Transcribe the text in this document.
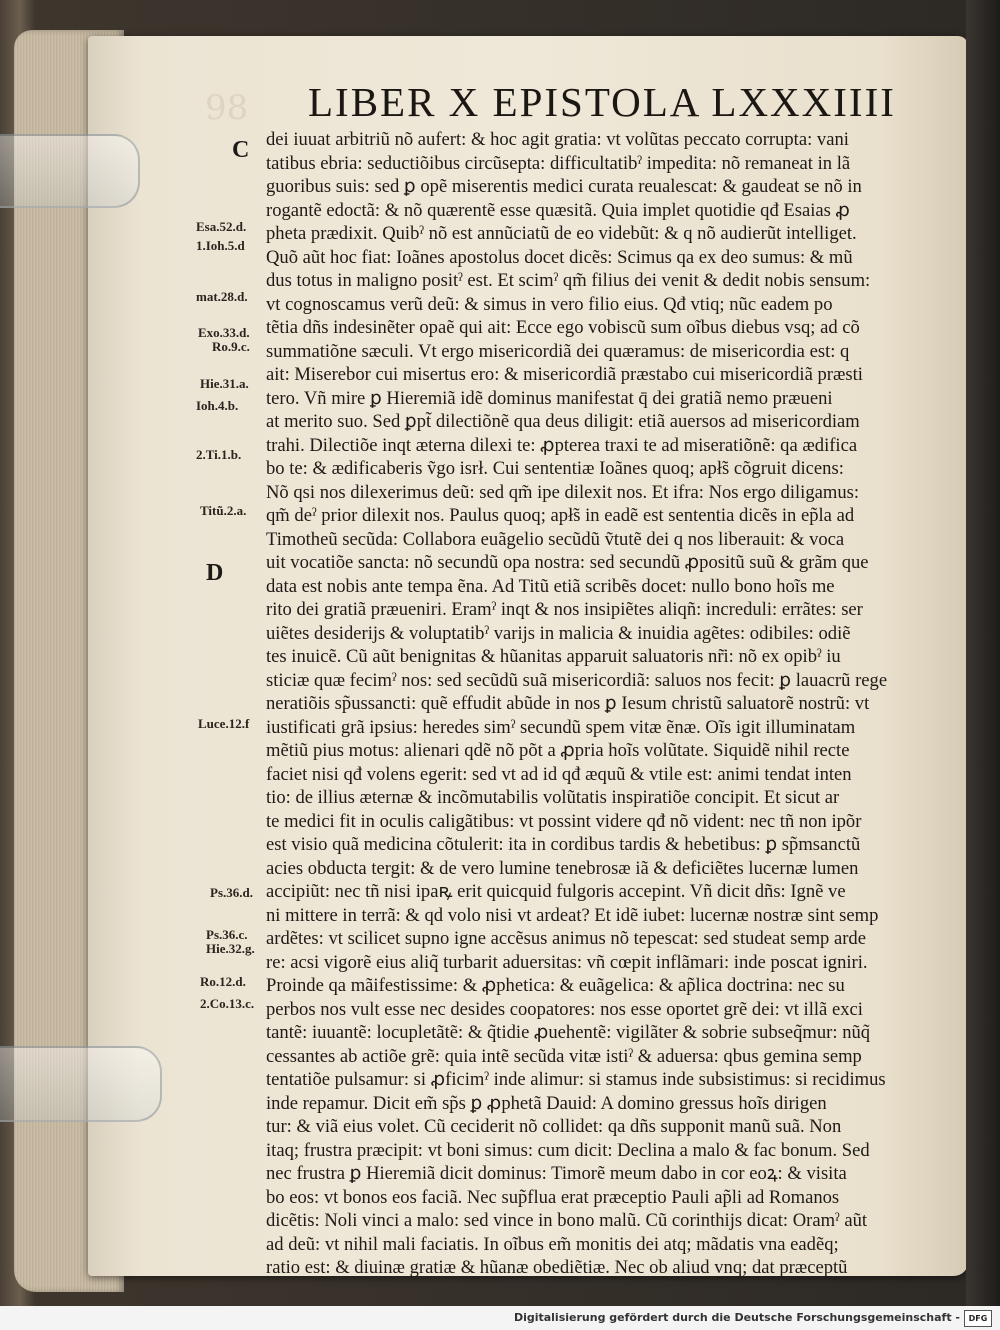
98 LIBER X EPISTOLA LXXXIIII
C
D
dei iuuat arbitriũ nõ aufert: & hoc agit gratia: vt volũtas peccato corrupta: vani
tatibus ebria: seductiõibus circũsepta: difficultatibˀ impedita: nõ remaneat in lã
guoribus suis: sed ꝑ opẽ miserentis medici curata reualescat: & gaudeat se nõ in
rogantẽ edoctã: & nõ quærentẽ esse quæsitã. Quia implet quotidie qđ Esaias ꝓ
pheta prædixit. Quibˀ nõ est annũciatũ de eo videbũt: & q nõ audierũt intelliget.
Quõ aũt hoc fiat: Ioãnes apostolus docet dicẽs: Scimus qa ex deo sumus: & mũ
dus totus in maligno positˀ est. Et scimˀ qm̃ filius dei venit & dedit nobis sensum:
vt cognoscamus verũ deũ: & simus in vero filio eius. Qđ vtiq; nũc eadem po
tẽtia dñs indesinẽter opaẽ qui ait: Ecce ego vobiscũ sum oĩbus diebus vsq; ad cõ
summatiõne sæculi. Vt ergo misericordiã dei quæramus: de misericordia est: q
ait: Miserebor cui misertus ero: & misericordiã præstabo cui misericordiã præsti
tero. Vñ mire ꝑ Hieremiã idẽ dominus manifestat q̄ dei gratiã nemo præueni
at merito suo. Sed ꝑpt̃ dilectiõnẽ qua deus diligit: etiã auersos ad misericordiam
trahi. Dilectiõe inqt æterna dilexi te: ꝓpterea traxi te ad miseratiõnẽ: qa ædifica
bo te: & ædificaberis ṽgo isrł. Cui sententiæ Ioãnes quoq; apł̃s cõgruit dicens:
Nõ qsi nos dilexerimus deũ: sed qm̃ ipe dilexit nos. Et ifra: Nos ergo diligamus:
qm̃ deˀ prior dilexit nos. Paulus quoq; apł̃s in eadẽ est sententia dicẽs in ep̃la ad
Timotheũ secũda: Collabora euãgelio secũdũ ṽtutẽ dei q nos liberauit: & voca
uit vocatiõe sancta: nõ secundũ opa nostra: sed secundũ ꝓpositũ suũ & grãm que
data est nobis ante tempa ẽna. Ad Titũ etiã scribẽs docet: nullo bono hoĩs me
rito dei gratiã præueniri. Eramˀ inqt & nos insipiẽtes aliqñ: increduli: errãtes: ser
uiẽtes desiderijs & voluptatibˀ varijs in malicia & inuidia agẽtes: odibiles: odiẽ
tes inuicẽ. Cũ aũt benignitas & hũanitas apparuit saluatoris nr̃i: nõ ex opibˀ iu
sticiæ quæ fecimˀ nos: sed secũdũ suã misericordiã: saluos nos fecit: ꝑ lauacrũ rege
neratiõis sp̃ussancti: quẽ effudit abũde in nos ꝑ Iesum christũ saluatorẽ nostrũ: vt
iustificati grã ipsius: heredes simˀ secundũ spem vitæ ẽnæ. Oĩs igit illuminatam
mẽtiũ pius motus: alienari qdẽ nõ põt a ꝓpria hoĩs volũtate. Siquidẽ nihil recte
faciet nisi qđ volens egerit: sed vt ad id qđ æquũ & vtile est: animi tendat inten
tio: de illius æternæ & incõmutabilis volũtatis inspiratiõe concipit. Et sicut ar
te medici fit in oculis caligãtibus: vt possint videre qđ nõ vident: nec tñ non ipõr
est visio quã medicina cõtulerit: ita in cordibus tardis & hebetibus: ꝑ sp̃msanctũ
acies obducta tergit: & de vero lumine tenebrosæ iã & deficiẽtes lucernæ lumen
accipiũt: nec tñ nisi ipaꝶ erit quicquid fulgoris accepint. Vñ dicit dñs: Ignẽ ve
ni mittere in terrã: & qd volo nisi vt ardeat? Et idẽ iubet: lucernæ nostræ sint semp
ardẽtes: vt scilicet supno igne accẽsus animus nõ tepescat: sed studeat semp arde
re: acsi vigorẽ eius aliq̃ turbarit aduersitas: vñ cœpit inflãmari: inde poscat igniri.
Proinde qa mãifestissime: & ꝓphetica: & euãgelica: & ap̃lica doctrina: nec su
perbos nos vult esse nec desides coopatores: nos esse oportet grẽ dei: vt illã exci
tantẽ: iuuantẽ: locupletãtẽ: & q̃tidie ꝓuehentẽ: vigilãter & sobrie subseq̃mur: nũq̃
cessantes ab actiõe grẽ: quia intẽ secũda vitæ istiˀ & aduersa: qbus gemina semp
tentatiõe pulsamur: si ꝓficimˀ inde alimur: si stamus inde subsistimus: si recidimus
inde repamur. Dicit em̃ sp̃s ꝑ ꝓphetã Dauid: A domino gressus hoĩs dirigen
tur: & viã eius volet. Cũ ceciderit nõ collidet: qa dñs supponit manũ suã. Non
itaq; frustra præcipit: vt boni simus: cum dicit: Declina a malo & fac bonum. Sed
nec frustra ꝑ Hieremiã dicit dominus: Timorẽ meum dabo in cor eoꝝ: & visita
bo eos: vt bonos eos faciã. Nec sup̃flua erat præceptio Pauli ap̃li ad Romanos
dicẽtis: Noli vinci a malo: sed vince in bono malũ. Cũ corinthijs dicat: Oramˀ aũt
ad deũ: vt nihil mali faciatis. In oĩbus em̃ monitis dei atq; mãdatis vna eadẽq;
ratio est: & diuinæ gratiæ & hũanæ obediẽtiæ. Nec ob aliud vnq; dat præceptũ
Esa.52.d.
1.Ioh.5.d
mat.28.d.
Exo.33.d.
Ro.9.c.
Hie.31.a.
Ioh.4.b.
2.Ti.1.b.
Titũ.2.a.
Luce.12.f
Ps.36.d.
Ps.36.c.
Hie.32.g.
Ro.12.d.
2.Co.13.c.
Digitalisierung gefördert durch die Deutsche Forschungsgemeinschaft -	DFG
